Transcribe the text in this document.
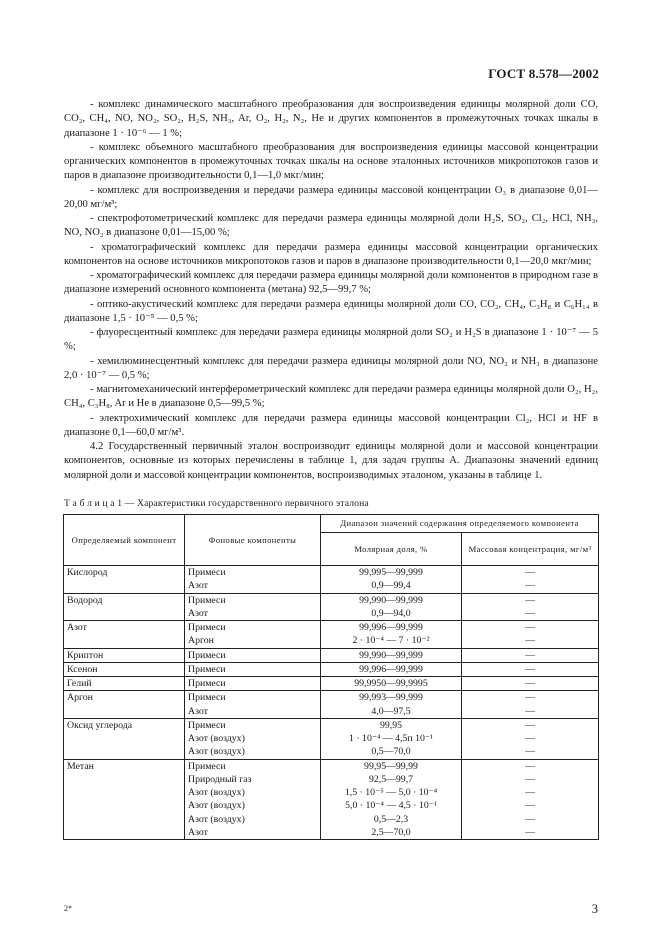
ГОСТ 8.578—2002

- комплекс динамического масштабного преобразования для воспроизведения единицы молярной доли CO, CO₂, CH₄, NO, NO₂, SO₂, H₂S, NH₃, Ar, O₂, H₂, N₂, He и других компонентов в промежуточных точках шкалы в диапазоне 1 · 10⁻⁶ — 1 %;

- комплекс объемного масштабного преобразования для воспроизведения единицы массовой концентрации органических компонентов в промежуточных точках шкалы на основе эталонных источников микропотоков газов и паров в диапазоне производительности 0,1—1,0 мкг/мин;

- комплекс для воспроизведения и передачи размера единицы массовой концентрации O₃ в диапазоне 0,01—20,00 мг/м³;

- спектрофотометрический комплекс для передачи размера единицы молярной доли H₂S, SO₂, Cl₂, HCl, NH₃, NO, NO₂ в диапазоне 0,01—15,00 %;

- хроматографический комплекс для передачи размера единицы массовой концентрации органических компонентов на основе источников микропотоков газов и паров в диапазоне производительности 0,1—20,0 мкг/мин;

- хроматографический комплекс для передачи размера единицы молярной доли компонентов в природном газе в диапазоне измерений основного компонента (метана) 92,5—99,7 %;

- оптико-акустический комплекс для передачи размера единицы молярной доли CO, CO₂, CH₄, C₃H₈ и C₆H₁₄ в диапазоне 1,5 · 10⁻⁵ — 0,5 %;

- флуоресцентный комплекс для передачи размера единицы молярной доли SO₂ и H₂S в диапазоне 1 · 10⁻⁷ — 5 %;

- хемилюминесцентный комплекс для передачи размера единицы молярной доли NO, NO₂ и NH₃ в диапазоне 2,0 · 10⁻⁷ — 0,5 %;

- магнитомеханический интерферометрический комплекс для передачи размера единицы молярной доли O₂, H₂, CH₄, C₃H₈, Ar и He в диапазоне 0,5—99,5 %;

- электрохимический комплекс для передачи размера единицы массовой концентрации Cl₂, HCl и HF в диапазоне 0,1—60,0 мг/м³.

4.2 Государственный первичный эталон воспроизводит единицы молярной доли и массовой концентрации компонентов, основные из которых перечислены в таблице 1, для задач группы А. Диапазоны значений единиц молярной доли и массовой концентрации компонентов, воспроизводимых эталоном, указаны в таблице 1.

Т а б л и ц а 1 — Характеристики государственного первичного эталона
Определяемый компонент	Фоновые компоненты	Диапазон значений содержания определяемого компонента	
		Молярная доля, %	Массовая концентрация, мг/м³
Кислород	Примеси	99,995—99,999	—
	Азот	0,9—99,4	—
Водород	Примеси	99,990—99,999	—
	Азот	0,9—94,0	—
Азот	Примеси	99,996—99,999	—
	Аргон	2 · 10⁻⁴ — 7 · 10⁻²	—
Криптон	Примеси	99,990—99,999	—
Ксенон	Примеси	99,996—99,999	—
Гелий	Примеси	99,9950—99,9995	—
Аргон	Примеси	99,993—99,999	—
	Азот	4,0—97,5	—
Оксид углерода	Примеси	99,95	—
	Азот (воздух)	1 · 10⁻⁴ — 4,5п 10⁻¹	—
	Азот (воздух)	0,5—70,0	—
Метан	Примеси	99,95—99,99	—
	Природный газ	92,5—99,7	—
	Азот (воздух)	1,5 · 10⁻⁵ — 5,0 · 10⁻⁴	—
	Азот (воздух)	5,0 · 10⁻⁴ — 4,5 · 10⁻¹	—
	Азот (воздух)	0,5—2,3	—
	Азот	2,5—70,0	—
2*	3
